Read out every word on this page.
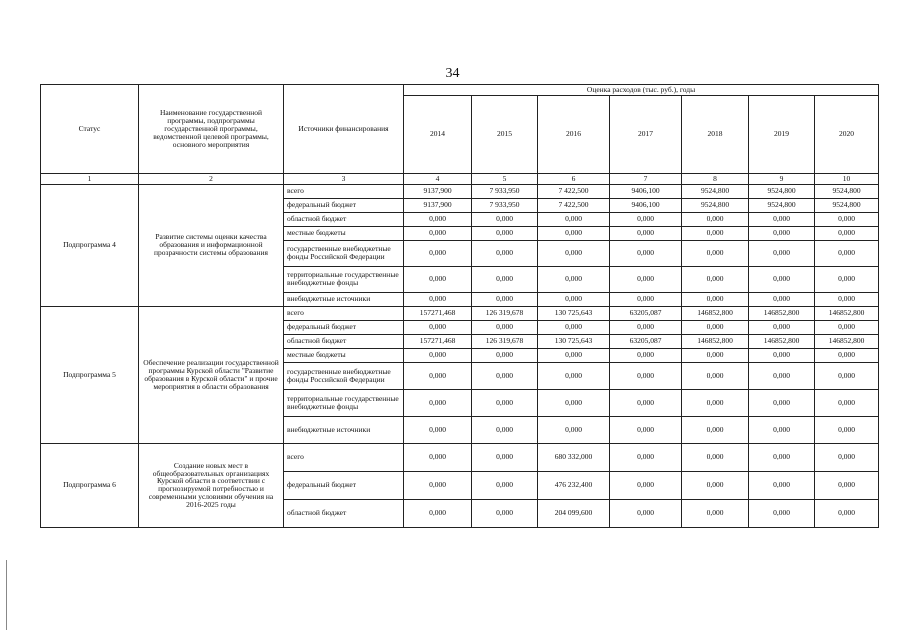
34
Статус	Наименование государственной программы, подпрограммы государственной программы, ведомственной целевой программы, основного мероприятия	Источники финансирования	Оценка расходов (тыс. руб.), годы						
			2014	2015	2016	2017	2018	2019	2020
1	2	3	4	5	6	7	8	9	10
Подпрограмма 4	Развитие системы оценки качества образования и информационной прозрачности системы образования	всего	9137,900	7 933,950	7 422,500	9406,100	9524,800	9524,800	9524,800
		федеральный бюджет	9137,900	7 933,950	7 422,500	9406,100	9524,800	9524,800	9524,800
		областной бюджет	0,000	0,000	0,000	0,000	0,000	0,000	0,000
		местные бюджеты	0,000	0,000	0,000	0,000	0,000	0,000	0,000
		государственные внебюджетные фонды Российской Федерации	0,000	0,000	0,000	0,000	0,000	0,000	0,000
		территориальные государственные внебюджетные фонды	0,000	0,000	0,000	0,000	0,000	0,000	0,000
		внебюджетные источники	0,000	0,000	0,000	0,000	0,000	0,000	0,000
Подпрограмма 5	Обеспечение реализации государственной программы Курской области "Развитие образования в Курской области" и прочие мероприятия в области образования	всего	157271,468	126 319,678	130 725,643	63205,087	146852,800	146852,800	146852,800
		федеральный бюджет	0,000	0,000	0,000	0,000	0,000	0,000	0,000
		областной бюджет	157271,468	126 319,678	130 725,643	63205,087	146852,800	146852,800	146852,800
		местные бюджеты	0,000	0,000	0,000	0,000	0,000	0,000	0,000
		государственные внебюджетные фонды Российской Федерации	0,000	0,000	0,000	0,000	0,000	0,000	0,000
		территориальные государственные внебюджетные фонды	0,000	0,000	0,000	0,000	0,000	0,000	0,000
		внебюджетные источники	0,000	0,000	0,000	0,000	0,000	0,000	0,000
Подпрограмма 6	Создание новых мест в общеобразовательных организациях Курской области в соответствии с прогнозируемой потребностью и современными условиями обучения на 2016-2025 годы	всего	0,000	0,000	680 332,000	0,000	0,000	0,000	0,000
		федеральный бюджет	0,000	0,000	476 232,400	0,000	0,000	0,000	0,000
		областной бюджет	0,000	0,000	204 099,600	0,000	0,000	0,000	0,000
